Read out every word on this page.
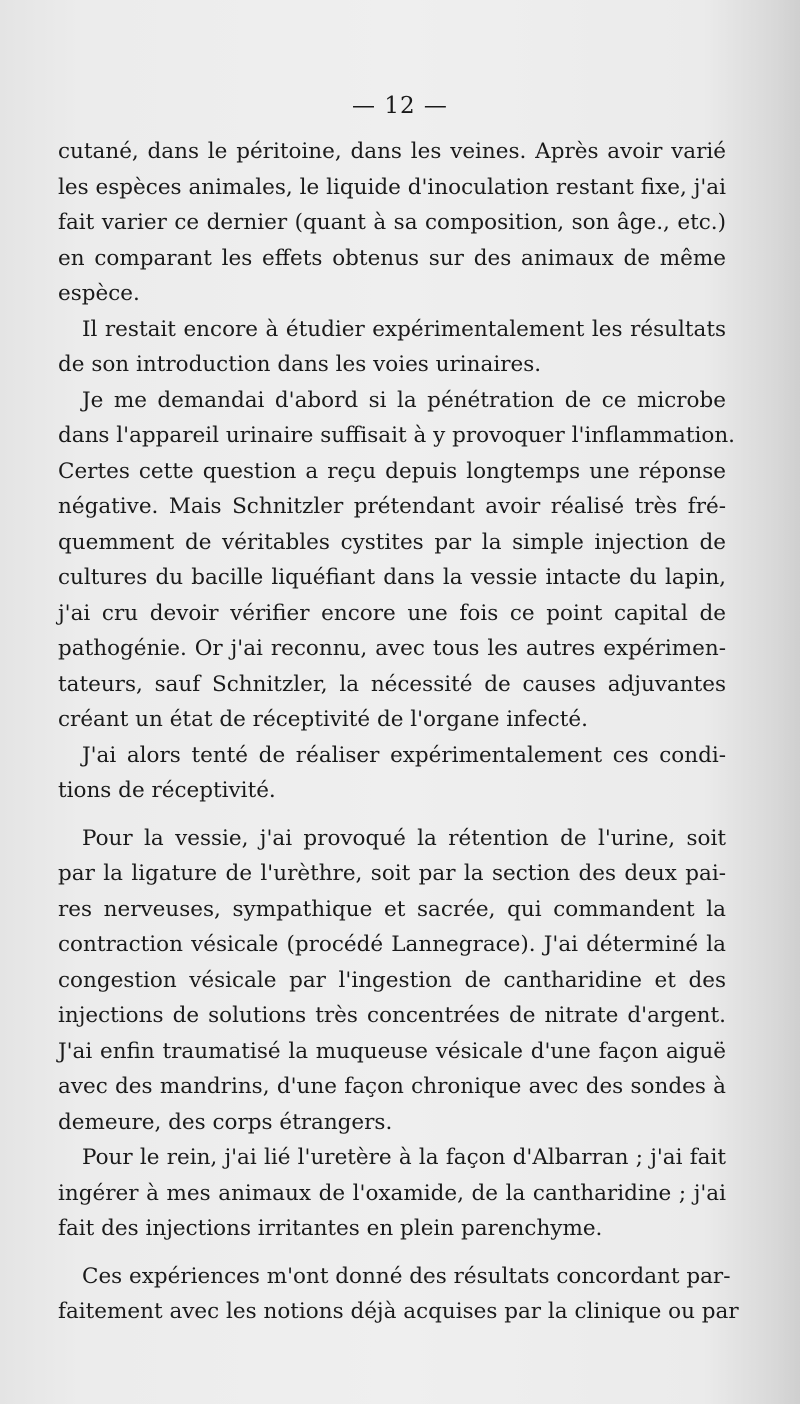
— 12 —

cutané, dans le péritoine, dans les veines. Après avoir varié
les espèces animales, le liquide d'inoculation restant fixe, j'ai
fait varier ce dernier (quant à sa composition, son âge., etc.)
en comparant les effets obtenus sur des animaux de même
espèce.

Il restait encore à étudier expérimentalement les résultats
de son introduction dans les voies urinaires.

Je me demandai d'abord si la pénétration de ce microbe
dans l'appareil urinaire suffisait à y provoquer l'inflammation.
Certes cette question a reçu depuis longtemps une réponse
négative. Mais Schnitzler prétendant avoir réalisé très fré-
quemment de véritables cystites par la simple injection de
cultures du bacille liquéfiant dans la vessie intacte du lapin,
j'ai cru devoir vérifier encore une fois ce point capital de
pathogénie. Or j'ai reconnu, avec tous les autres expérimen-
tateurs, sauf Schnitzler, la nécessité de causes adjuvantes
créant un état de réceptivité de l'organe infecté.

J'ai alors tenté de réaliser expérimentalement ces condi-
tions de réceptivité.

Pour la vessie, j'ai provoqué la rétention de l'urine, soit
par la ligature de l'urèthre, soit par la section des deux pai-
res nerveuses, sympathique et sacrée, qui commandent la
contraction vésicale (procédé Lannegrace). J'ai déterminé la
congestion vésicale par l'ingestion de cantharidine et des
injections de solutions très concentrées de nitrate d'argent.
J'ai enfin traumatisé la muqueuse vésicale d'une façon aiguë
avec des mandrins, d'une façon chronique avec des sondes à
demeure, des corps étrangers.

Pour le rein, j'ai lié l'uretère à la façon d'Albarran ; j'ai fait
ingérer à mes animaux de l'oxamide, de la cantharidine ; j'ai
fait des injections irritantes en plein parenchyme.

Ces expériences m'ont donné des résultats concordant par-
faitement avec les notions déjà acquises par la clinique ou par
